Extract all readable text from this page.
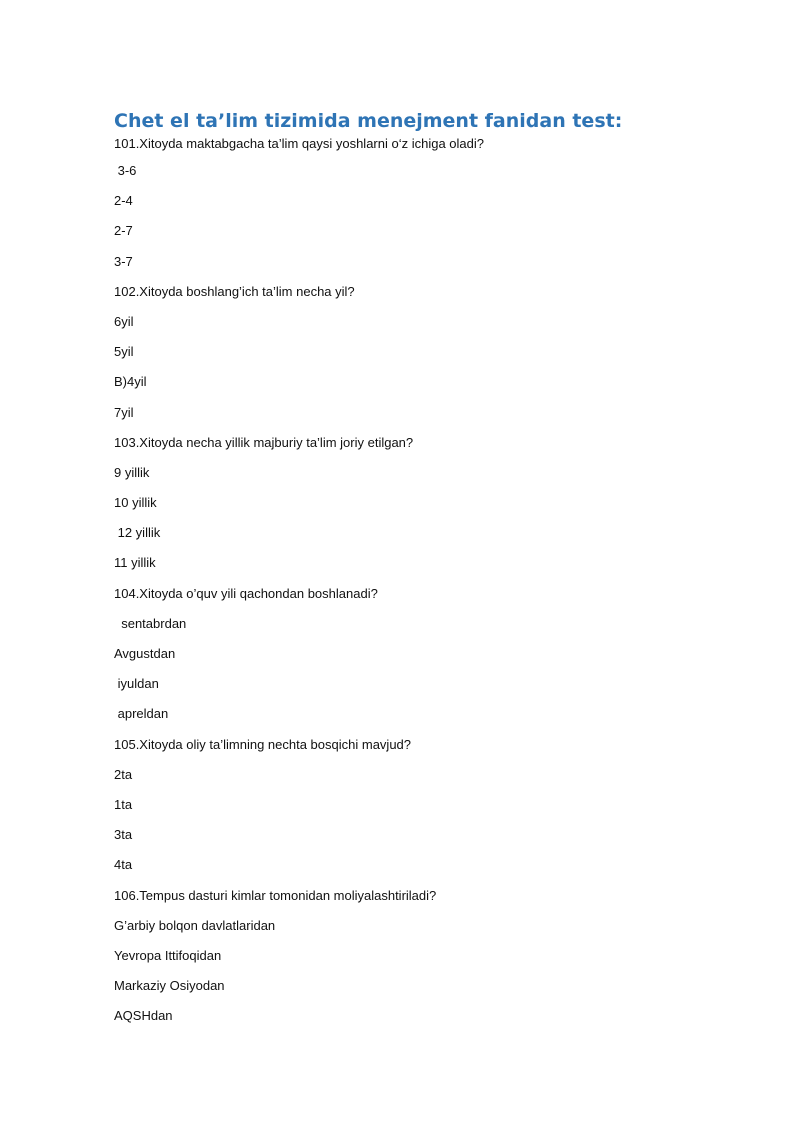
Chet el ta’lim tizimida menejment fanidan test:

101.Xitoyda maktabgacha ta’lim qaysi yoshlarni o‘z ichiga oladi?

3-6

2-4

2-7

3-7

102.Xitoyda boshlang’ich ta’lim necha yil?

6yil

5yil

B)4yil

7yil

103.Xitoyda necha yillik majburiy ta’lim joriy etilgan?

9 yillik

10 yillik

12 yillik

11 yillik

104.Xitoyda o’quv yili qachondan boshlanadi?

sentabrdan

Avgustdan

iyuldan

apreldan

105.Xitoyda oliy ta’limning nechta bosqichi mavjud?

2ta

1ta

3ta

4ta

106.Tempus dasturi kimlar tomonidan moliyalashtiriladi?

G’arbiy bolqon davlatlaridan

Yevropa Ittifoqidan

Markaziy Osiyodan

AQSHdan
